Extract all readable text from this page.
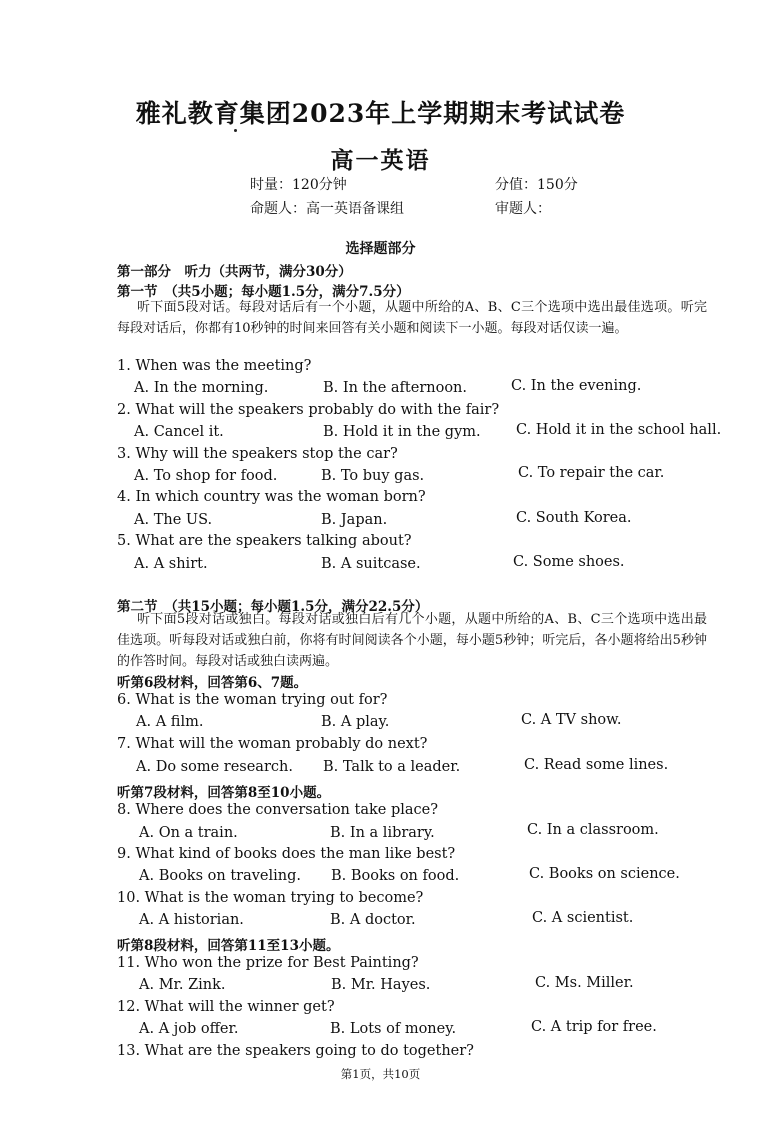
雅礼教育集团2023年上学期期末考试试卷
高一英语
时量：120分钟	分值：150分
命题人：高一英语备课组	审题人：
选择题部分
第一部分　听力（共两节，满分30分）
第一节　（共5小题；每小题1.5分，满分7.5分）
听下面5段对话。每段对话后有一个小题，从题中所给的A、B、C三个选项中选出最佳选项。听完每段对话后，你都有10秒钟的时间来回答有关小题和阅读下一小题。每段对话仅读一遍。
1. When was the meeting?
A. In the morning.	B. In the afternoon.	C. In the evening.
2. What will the speakers probably do with the fair?
A. Cancel it.	B. Hold it in the gym. C. Hold it in the school hall.
3. Why will the speakers stop the car?
A. To shop for food.	B. To buy gas.	C. To repair the car.
4. In which country was the woman born?
A. The US.	B. Japan.	C. South Korea.
5. What are the speakers talking about?
A. A shirt.	B. A suitcase.	C. Some shoes.
第二节　（共15小题；每小题1.5分，满分22.5分）
听下面5段对话或独白。每段对话或独白后有几个小题，从题中所给的A、B、C三个选项中选出最佳选项。听每段对话或独白前，你将有时间阅读各个小题，每小题5秒钟；听完后，各小题将给出5秒钟的作答时间。每段对话或独白读两遍。
听第6段材料，回答第6、7题。
6. What is the woman trying out for?
A. A film.	B. A play.	C. A TV show.
7. What will the woman probably do next?
A. Do some research. B. Talk to a leader.	C. Read some lines.
听第7段材料，回答第8至10小题。
8. Where does the conversation take place?
A. On a train.	B. In a library.	C. In a classroom.
9. What kind of books does the man like best?
A. Books on traveling. B. Books on food.	C. Books on science.
10. What is the woman trying to become?
A. A historian.	B. A doctor.	C. A scientist.
听第8段材料，回答第11至13小题。
11. Who won the prize for Best Painting?
A. Mr. Zink.	B. Mr. Hayes.	C. Ms. Miller.
12. What will the winner get?
A. A job offer.	B. Lots of money.	C. A trip for free.
13. What are the speakers going to do together?
第1页，共10页
